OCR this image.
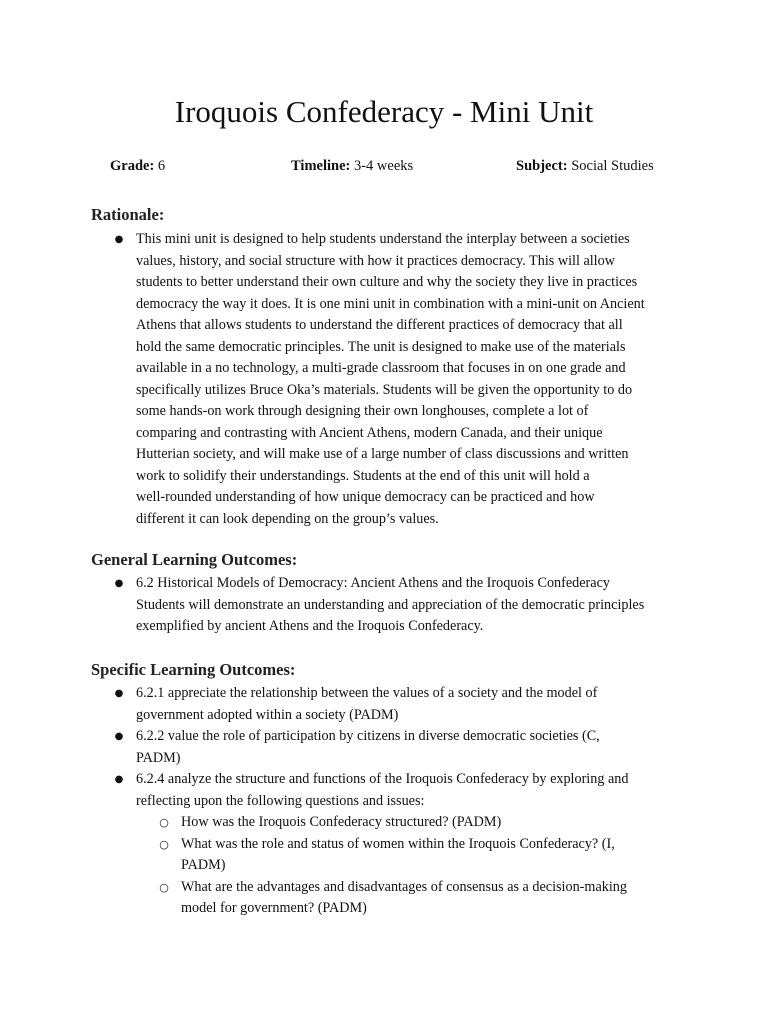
Iroquois Confederacy - Mini Unit
Grade: 6	Timeline: 3-4 weeks	Subject: Social Studies
Rationale:
● This mini unit is designed to help students understand the interplay between a societies
values, history, and social structure with how it practices democracy. This will allow
students to better understand their own culture and why the society they live in practices
democracy the way it does. It is one mini unit in combination with a mini-unit on Ancient
Athens that allows students to understand the different practices of democracy that all
hold the same democratic principles. The unit is designed to make use of the materials
available in a no technology, a multi-grade classroom that focuses in on one grade and
specifically utilizes Bruce Oka’s materials. Students will be given the opportunity to do
some hands-on work through designing their own longhouses, complete a lot of
comparing and contrasting with Ancient Athens, modern Canada, and their unique
Hutterian society, and will make use of a large number of class discussions and written
work to solidify their understandings. Students at the end of this unit will hold a
well-rounded understanding of how unique democracy can be practiced and how
different it can look depending on the group’s values.
General Learning Outcomes:
● 6.2 Historical Models of Democracy: Ancient Athens and the Iroquois Confederacy
Students will demonstrate an understanding and appreciation of the democratic principles
exemplified by ancient Athens and the Iroquois Confederacy.
Specific Learning Outcomes:
● 6.2.1 appreciate the relationship between the values of a society and the model of
government adopted within a society (PADM)
● 6.2.2 value the role of participation by citizens in diverse democratic societies (C,
PADM)
● 6.2.4 analyze the structure and functions of the Iroquois Confederacy by exploring and
reflecting upon the following questions and issues:
○ How was the Iroquois Confederacy structured? (PADM)
○ What was the role and status of women within the Iroquois Confederacy? (I,
PADM)
○ What are the advantages and disadvantages of consensus as a decision-making
model for government? (PADM)
